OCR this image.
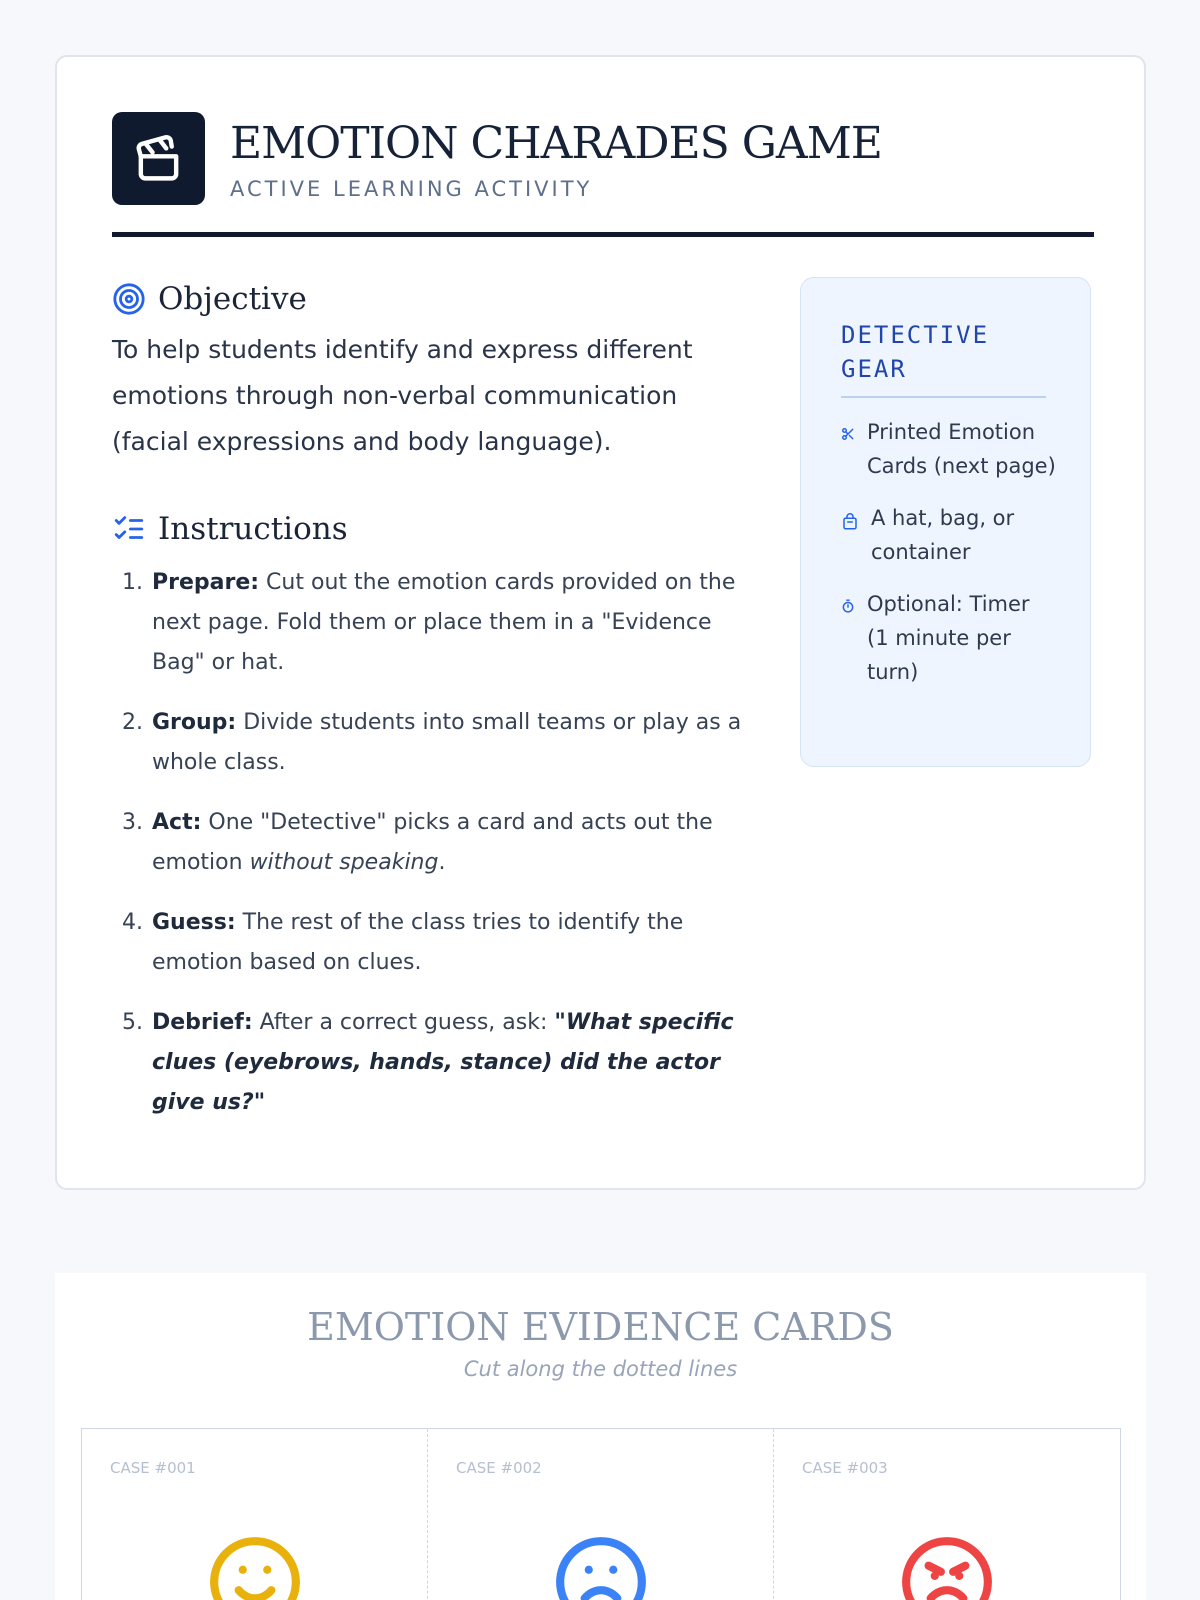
EMOTION CHARADES GAME
ACTIVE LEARNING ACTIVITY
Objective

To help students identify and express different emotions through non-verbal communication (facial expressions and body language).

Instructions
1. Prepare: Cut out the emotion cards provided on the next page. Fold them or place them in a "Evidence Bag" or hat.
2. Group: Divide students into small teams or play as a whole class.
3. Act: One "Detective" picks a card and acts out the emotion without speaking.
4. Guess: The rest of the class tries to identify the emotion based on clues.
5. Debrief: After a correct guess, ask: "What specific clues (eyebrows, hands, stance) did the actor give us?"
DETECTIVE GEAR
Printed Emotion Cards (next page)
A hat, bag, or container
Optional: Timer (1 minute per turn)
EMOTION EVIDENCE CARDS
Cut along the dotted lines
CASE #001	CASE #002	CASE #003
